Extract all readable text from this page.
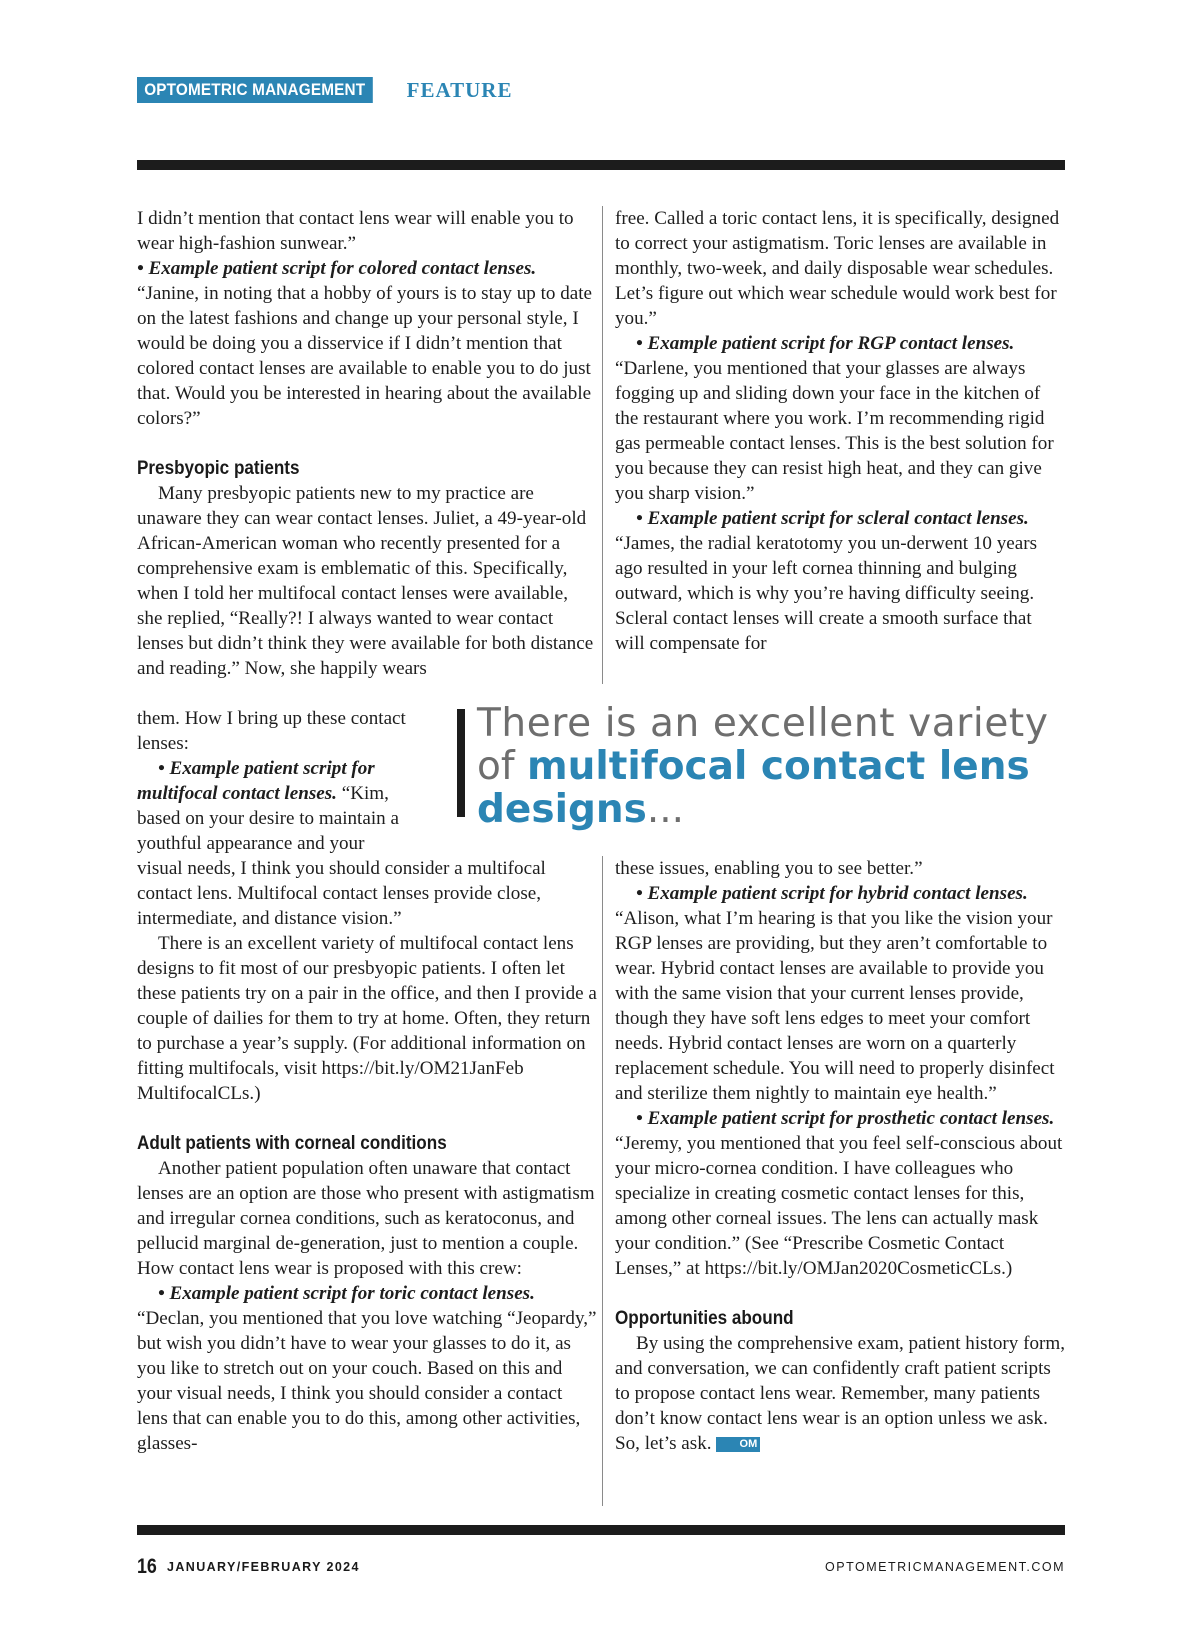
OPTOMETRIC MANAGEMENT	FEATURE

I didn’t mention that contact lens wear will enable you to wear high-fashion sunwear.”

• Example patient script for colored contact lenses.
“Janine, in noting that a hobby of yours is to stay up to date on the latest fashions and change up your personal style, I would be doing you a disservice if I didn’t mention that colored contact lenses are available to enable you to do just that. Would you be interested in hearing about the available colors?”

Presbyopic patients

Many presbyopic patients new to my practice are unaware they can wear contact lenses. Juliet, a 49-year-old African-American woman who recently presented for a comprehensive exam is emblematic of this. Specifically, when I told her multifocal contact lenses were available, she replied, “Really?! I always wanted to wear contact lenses but didn’t think they were available for both distance and reading.” Now, she happily wears

them. How I bring up these contact lenses:

• Example patient script for multifocal contact lenses. “Kim, based on your desire to maintain a youthful appearance and your

visual needs, I think you should consider a multifocal contact lens. Multifocal contact lenses provide close, intermediate, and distance vision.”

There is an excellent variety of multifocal contact lens designs to fit most of our presbyopic patients. I often let these patients try on a pair in the office, and then I provide a couple of dailies for them to try at home. Often, they return to purchase a year’s supply. (For additional information on fitting multifocals, visit https://bit.ly/OM21JanFeb MultifocalCLs.)

Adult patients with corneal conditions

Another patient population often unaware that contact lenses are an option are those who present with astigmatism and irregular cornea conditions, such as keratoconus, and pellucid marginal de-generation, just to mention a couple. How contact lens wear is proposed with this crew:

• Example patient script for toric contact lenses.
“Declan, you mentioned that you love watching “Jeopardy,” but wish you didn’t have to wear your glasses to do it, as you like to stretch out on your couch. Based on this and your visual needs, I think you should consider a contact lens that can enable you to do this, among other activities, glasses-

free. Called a toric contact lens, it is specifically, designed to correct your astigmatism. Toric lenses are available in monthly, two-week, and daily disposable wear schedules. Let’s figure out which wear schedule would work best for you.”

• Example patient script for RGP contact lenses. “Darlene, you mentioned that your glasses are always fogging up and sliding down your face in the kitchen of the restaurant where you work. I’m recommending rigid gas permeable contact lenses. This is the best solution for you because they can resist high heat, and they can give you sharp vision.”

• Example patient script for scleral contact lenses. “James, the radial keratotomy you un-derwent 10 years ago resulted in your left cornea thinning and bulging outward, which is why you’re having difficulty seeing. Scleral contact lenses will create a smooth surface that will compensate for

There is an excellent variety
of multifocal contact lens
designs...

these issues, enabling you to see better.”

• Example patient script for hybrid contact lenses. “Alison, what I’m hearing is that you like the vision your RGP lenses are providing, but they aren’t comfortable to wear. Hybrid contact lenses are available to provide you with the same vision that your current lenses provide, though they have soft lens edges to meet your comfort needs. Hybrid contact lenses are worn on a quarterly replacement schedule. You will need to properly disinfect and sterilize them nightly to maintain eye health.”

• Example patient script for prosthetic contact lenses. “Jeremy, you mentioned that you feel self-conscious about your micro-cornea condition. I have colleagues who specialize in creating cosmetic contact lenses for this, among other corneal issues. The lens can actually mask your condition.” (See “Prescribe Cosmetic Contact Lenses,” at https://bit.ly/OMJan2020CosmeticCLs.)

Opportunities abound

By using the comprehensive exam, patient history form, and conversation, we can confidently craft patient scripts to propose contact lens wear. Remember, many patients don’t know contact lens wear is an option unless we ask. So, let’s ask.	OM

16 JANUARY/FEBRUARY 2024	OPTOMETRICMANAGEMENT.COM
